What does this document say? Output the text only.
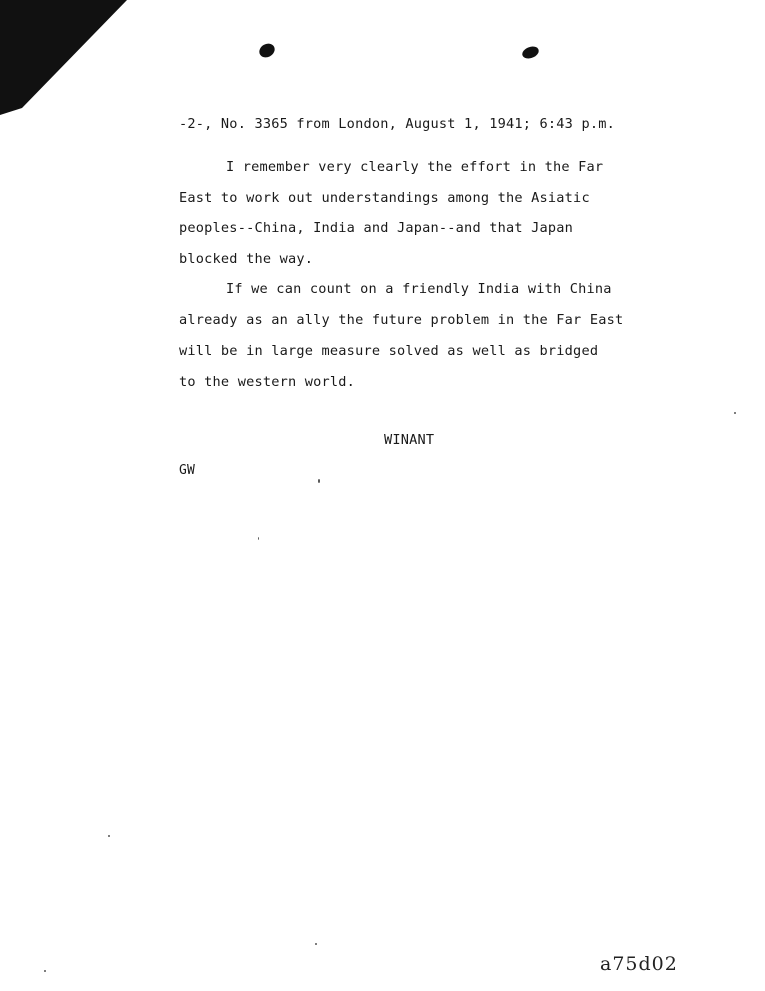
-2-, No. 3365 from London, August 1, 1941; 6:43 p.m.
I remember very clearly the effort in the Far
East to work out understandings among the Asiatic
peoples--China, India and Japan--and that Japan
blocked the way.
If we can count on a friendly India with China
already as an ally the future problem in the Far East
will be in large measure solved as well as bridged
to the western world.
WINANT
GW
a75d02
